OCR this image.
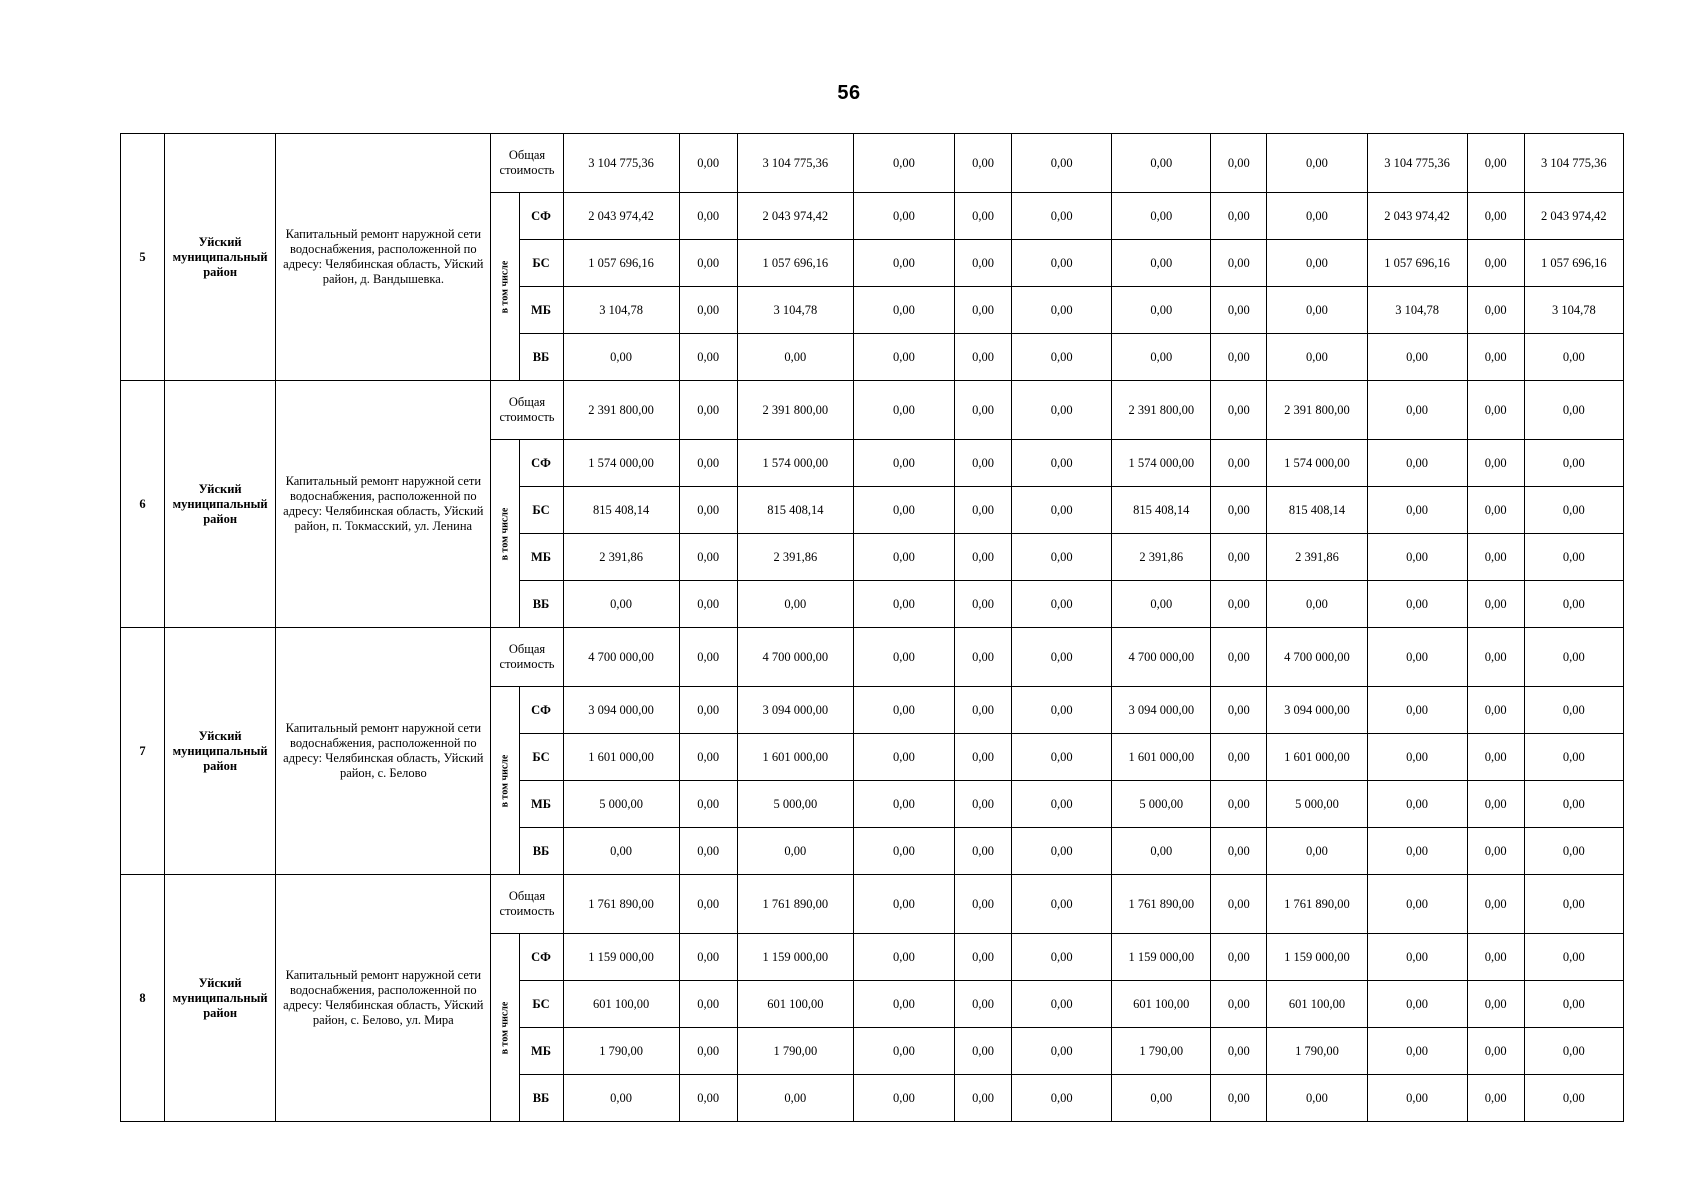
56
5	Уйский муниципальный район	Капитальный ремонт наружной сети водоснабжения, расположенной по адресу: Челябинская область, Уйский район, д. Вандышевка.	Общая стоимость		3 104 775,36	0,00	3 104 775,36	0,00	0,00	0,00	0,00	0,00	0,00	3 104 775,36	0,00	3 104 775,36

			в том числе	СФ	2 043 974,42	0,00	2 043 974,42	0,00	0,00	0,00	0,00	0,00	0,00	2 043 974,42	0,00	2 043 974,42
				БС	1 057 696,16	0,00	1 057 696,16	0,00	0,00	0,00	0,00	0,00	0,00	1 057 696,16	0,00	1 057 696,16
				МБ	3 104,78	0,00	3 104,78	0,00	0,00	0,00	0,00	0,00	0,00	3 104,78	0,00	3 104,78
				ВБ	0,00	0,00	0,00	0,00	0,00	0,00	0,00	0,00	0,00	0,00	0,00	0,00
6	Уйский муниципальный район	Капитальный ремонт наружной сети водоснабжения, расположенной по адресу: Челябинская область, Уйский район, п. Токмасский, ул. Ленина	Общая стоимость		2 391 800,00	0,00	2 391 800,00	0,00	0,00	0,00	2 391 800,00	0,00	2 391 800,00	0,00	0,00	0,00

			в том числе	СФ	1 574 000,00	0,00	1 574 000,00	0,00	0,00	0,00	1 574 000,00	0,00	1 574 000,00	0,00	0,00	0,00
				БС	815 408,14	0,00	815 408,14	0,00	0,00	0,00	815 408,14	0,00	815 408,14	0,00	0,00	0,00
				МБ	2 391,86	0,00	2 391,86	0,00	0,00	0,00	2 391,86	0,00	2 391,86	0,00	0,00	0,00
				ВБ	0,00	0,00	0,00	0,00	0,00	0,00	0,00	0,00	0,00	0,00	0,00	0,00
7	Уйский муниципальный район	Капитальный ремонт наружной сети водоснабжения, расположенной по адресу: Челябинская область, Уйский район, с. Белово	Общая стоимость		4 700 000,00	0,00	4 700 000,00	0,00	0,00	0,00	4 700 000,00	0,00	4 700 000,00	0,00	0,00	0,00

			в том числе	СФ	3 094 000,00	0,00	3 094 000,00	0,00	0,00	0,00	3 094 000,00	0,00	3 094 000,00	0,00	0,00	0,00
				БС	1 601 000,00	0,00	1 601 000,00	0,00	0,00	0,00	1 601 000,00	0,00	1 601 000,00	0,00	0,00	0,00
				МБ	5 000,00	0,00	5 000,00	0,00	0,00	0,00	5 000,00	0,00	5 000,00	0,00	0,00	0,00
				ВБ	0,00	0,00	0,00	0,00	0,00	0,00	0,00	0,00	0,00	0,00	0,00	0,00
8	Уйский муниципальный район	Капитальный ремонт наружной сети водоснабжения, расположенной по адресу: Челябинская область, Уйский район, с. Белово, ул. Мира	Общая стоимость		1 761 890,00	0,00	1 761 890,00	0,00	0,00	0,00	1 761 890,00	0,00	1 761 890,00	0,00	0,00	0,00

			в том числе	СФ	1 159 000,00	0,00	1 159 000,00	0,00	0,00	0,00	1 159 000,00	0,00	1 159 000,00	0,00	0,00	0,00
				БС	601 100,00	0,00	601 100,00	0,00	0,00	0,00	601 100,00	0,00	601 100,00	0,00	0,00	0,00
				МБ	1 790,00	0,00	1 790,00	0,00	0,00	0,00	1 790,00	0,00	1 790,00	0,00	0,00	0,00
				ВБ	0,00	0,00	0,00	0,00	0,00	0,00	0,00	0,00	0,00	0,00	0,00	0,00
